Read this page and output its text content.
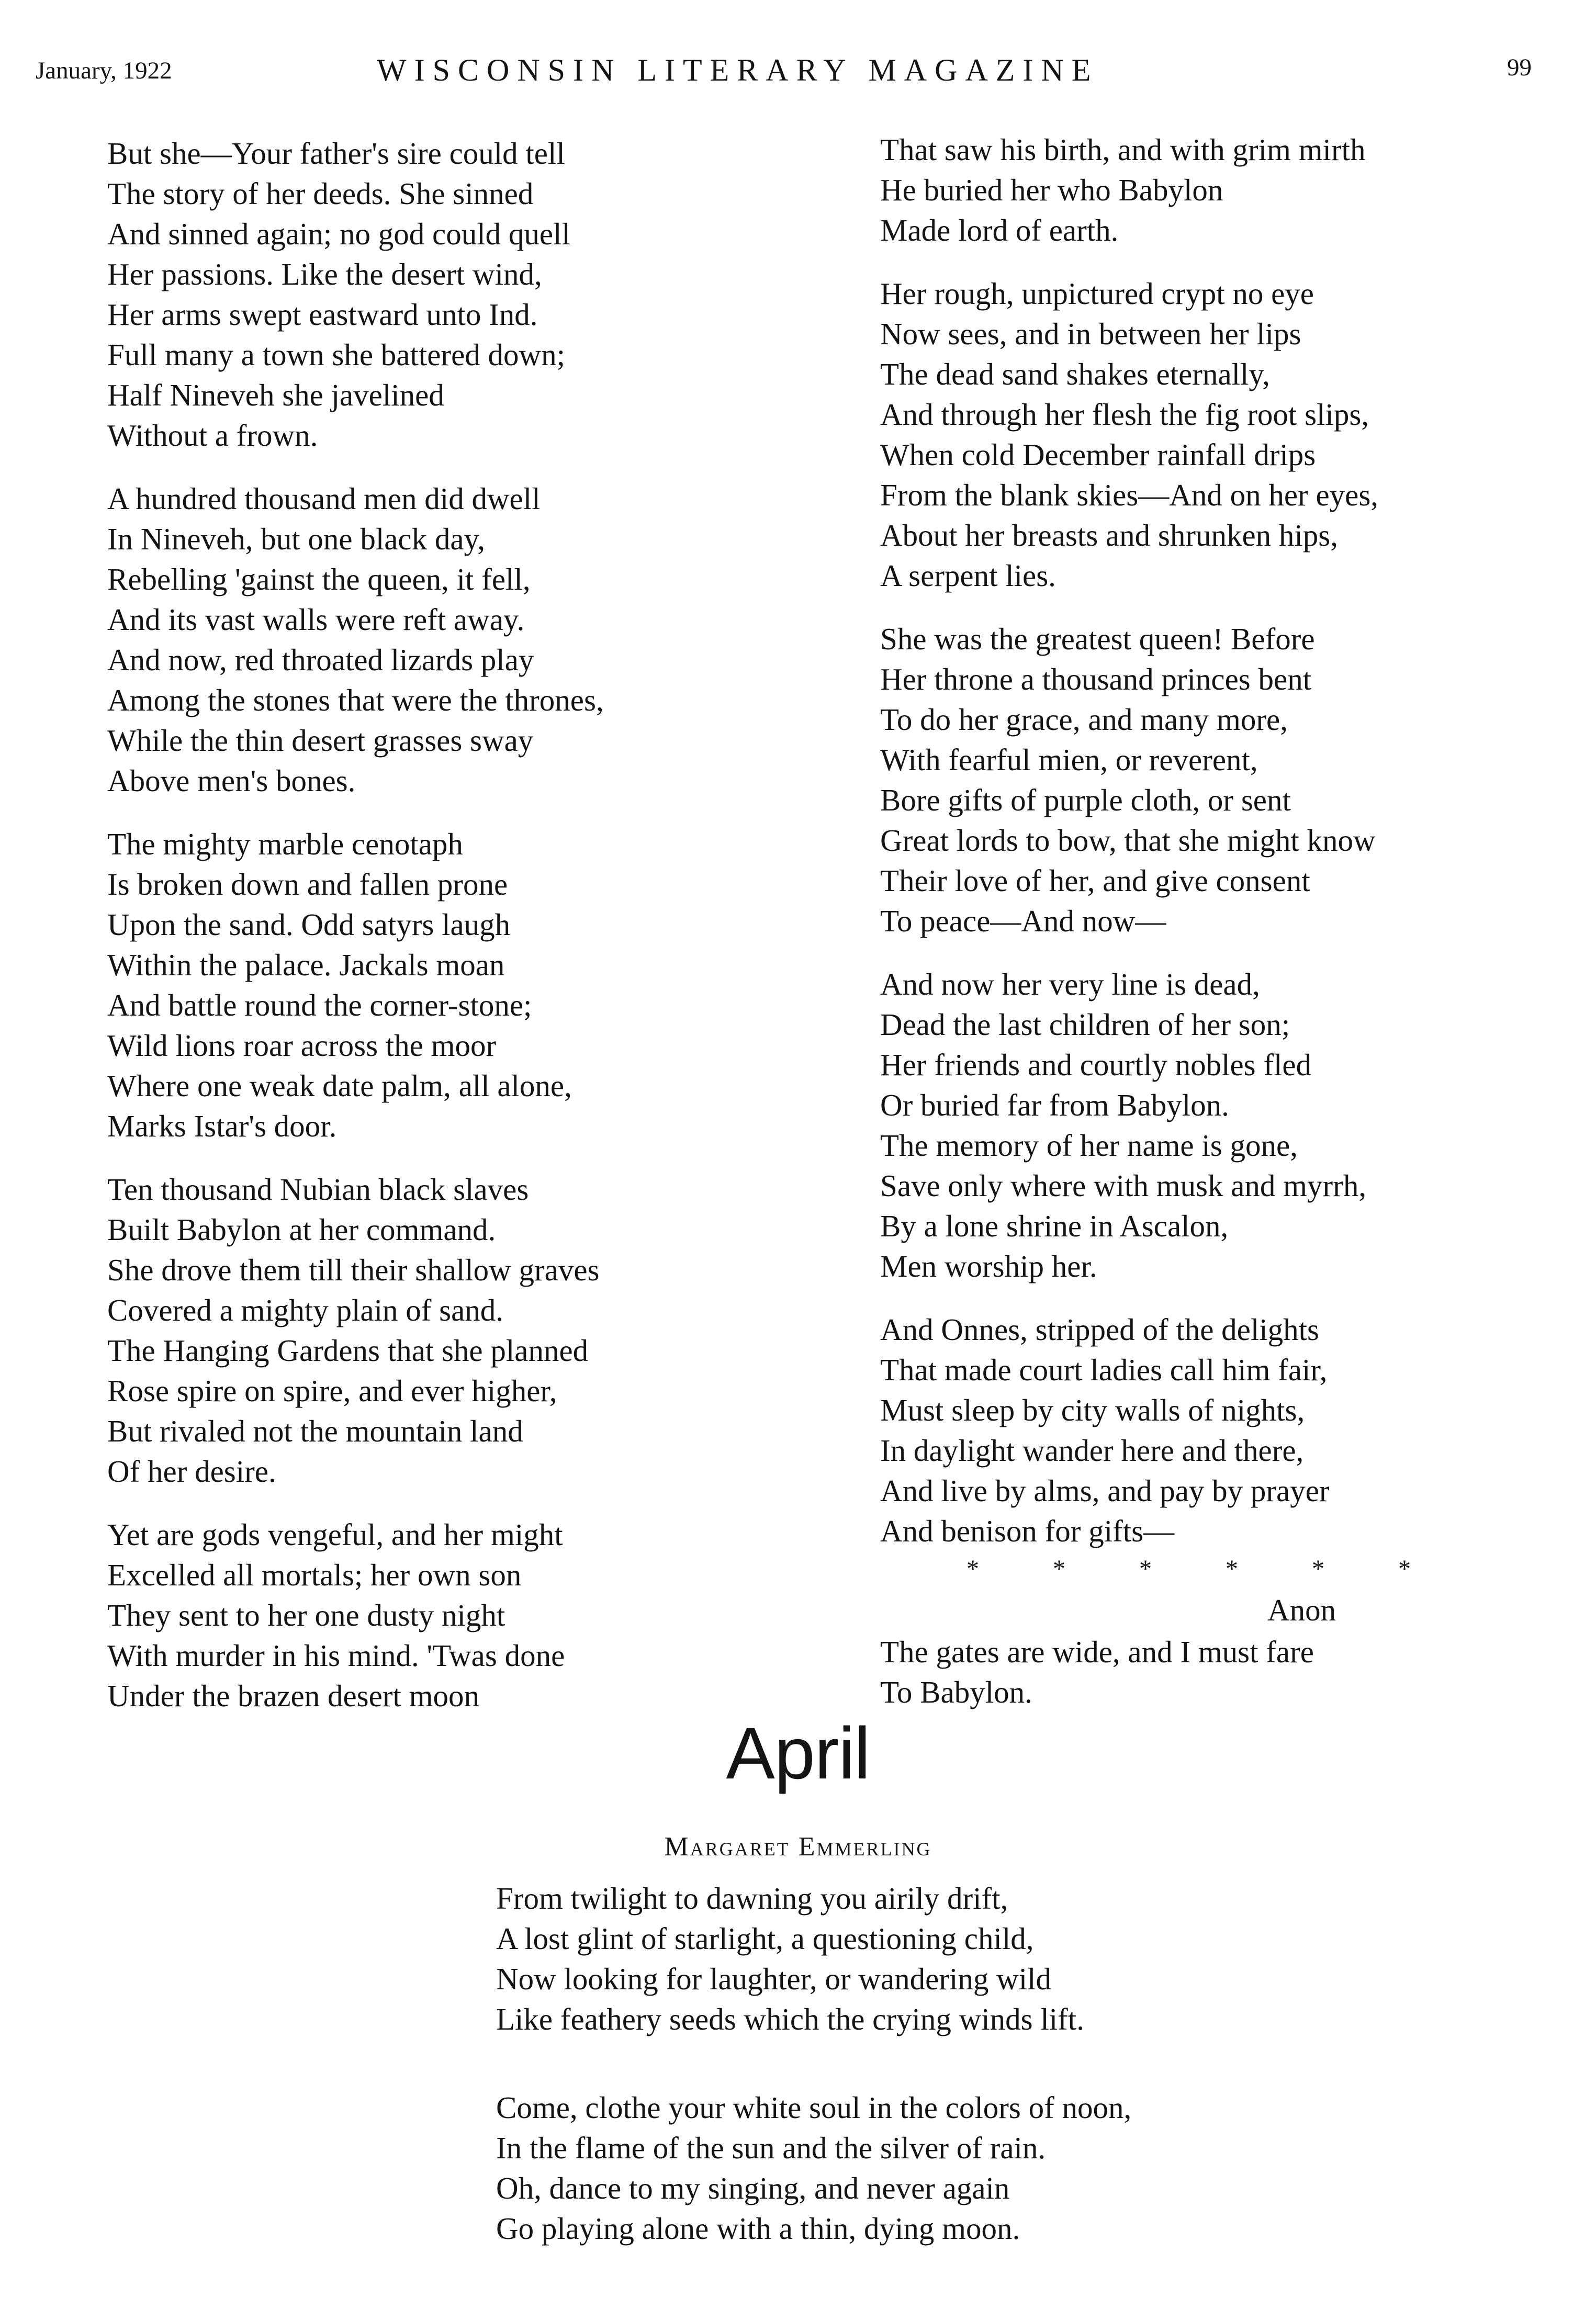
January, 1922	WISCONSIN LITERARY MAGAZINE	99
But she—Your father's sire could tell
The story of her deeds. She sinned
And sinned again; no god could quell
Her passions. Like the desert wind,
Her arms swept eastward unto Ind.
Full many a town she battered down;
Half Nineveh she javelined
Without a frown.
A hundred thousand men did dwell
In Nineveh, but one black day,
Rebelling 'gainst the queen, it fell,
And its vast walls were reft away.
And now, red throated lizards play
Among the stones that were the thrones,
While the thin desert grasses sway
Above men's bones.
The mighty marble cenotaph
Is broken down and fallen prone
Upon the sand. Odd satyrs laugh
Within the palace. Jackals moan
And battle round the corner-stone;
Wild lions roar across the moor
Where one weak date palm, all alone,
Marks Istar's door.
Ten thousand Nubian black slaves
Built Babylon at her command.
She drove them till their shallow graves
Covered a mighty plain of sand.
The Hanging Gardens that she planned
Rose spire on spire, and ever higher,
But rivaled not the mountain land
Of her desire.
Yet are gods vengeful, and her might
Excelled all mortals; her own son
They sent to her one dusty night
With murder in his mind. 'Twas done
Under the brazen desert moon
That saw his birth, and with grim mirth
He buried her who Babylon
Made lord of earth.
Her rough, unpictured crypt no eye
Now sees, and in between her lips
The dead sand shakes eternally,
And through her flesh the fig root slips,
When cold December rainfall drips
From the blank skies—And on her eyes,
About her breasts and shrunken hips,
A serpent lies.
She was the greatest queen! Before
Her throne a thousand princes bent
To do her grace, and many more,
With fearful mien, or reverent,
Bore gifts of purple cloth, or sent
Great lords to bow, that she might know
Their love of her, and give consent
To peace—And now—
And now her very line is dead,
Dead the last children of her son;
Her friends and courtly nobles fled
Or buried far from Babylon.
The memory of her name is gone,
Save only where with musk and myrrh,
By a lone shrine in Ascalon,
Men worship her.
And Onnes, stripped of the delights
That made court ladies call him fair,
Must sleep by city walls of nights,
In daylight wander here and there,
And live by alms, and pay by prayer
And benison for gifts—
*	*	*	*	*	*
Anon
The gates are wide, and I must fare
To Babylon.
April
Margaret Emmerling
From twilight to dawning you airily drift,
A lost glint of starlight, a questioning child,
Now looking for laughter, or wandering wild
Like feathery seeds which the crying winds lift.
Come, clothe your white soul in the colors of noon,
In the flame of the sun and the silver of rain.
Oh, dance to my singing, and never again
Go playing alone with a thin, dying moon.
